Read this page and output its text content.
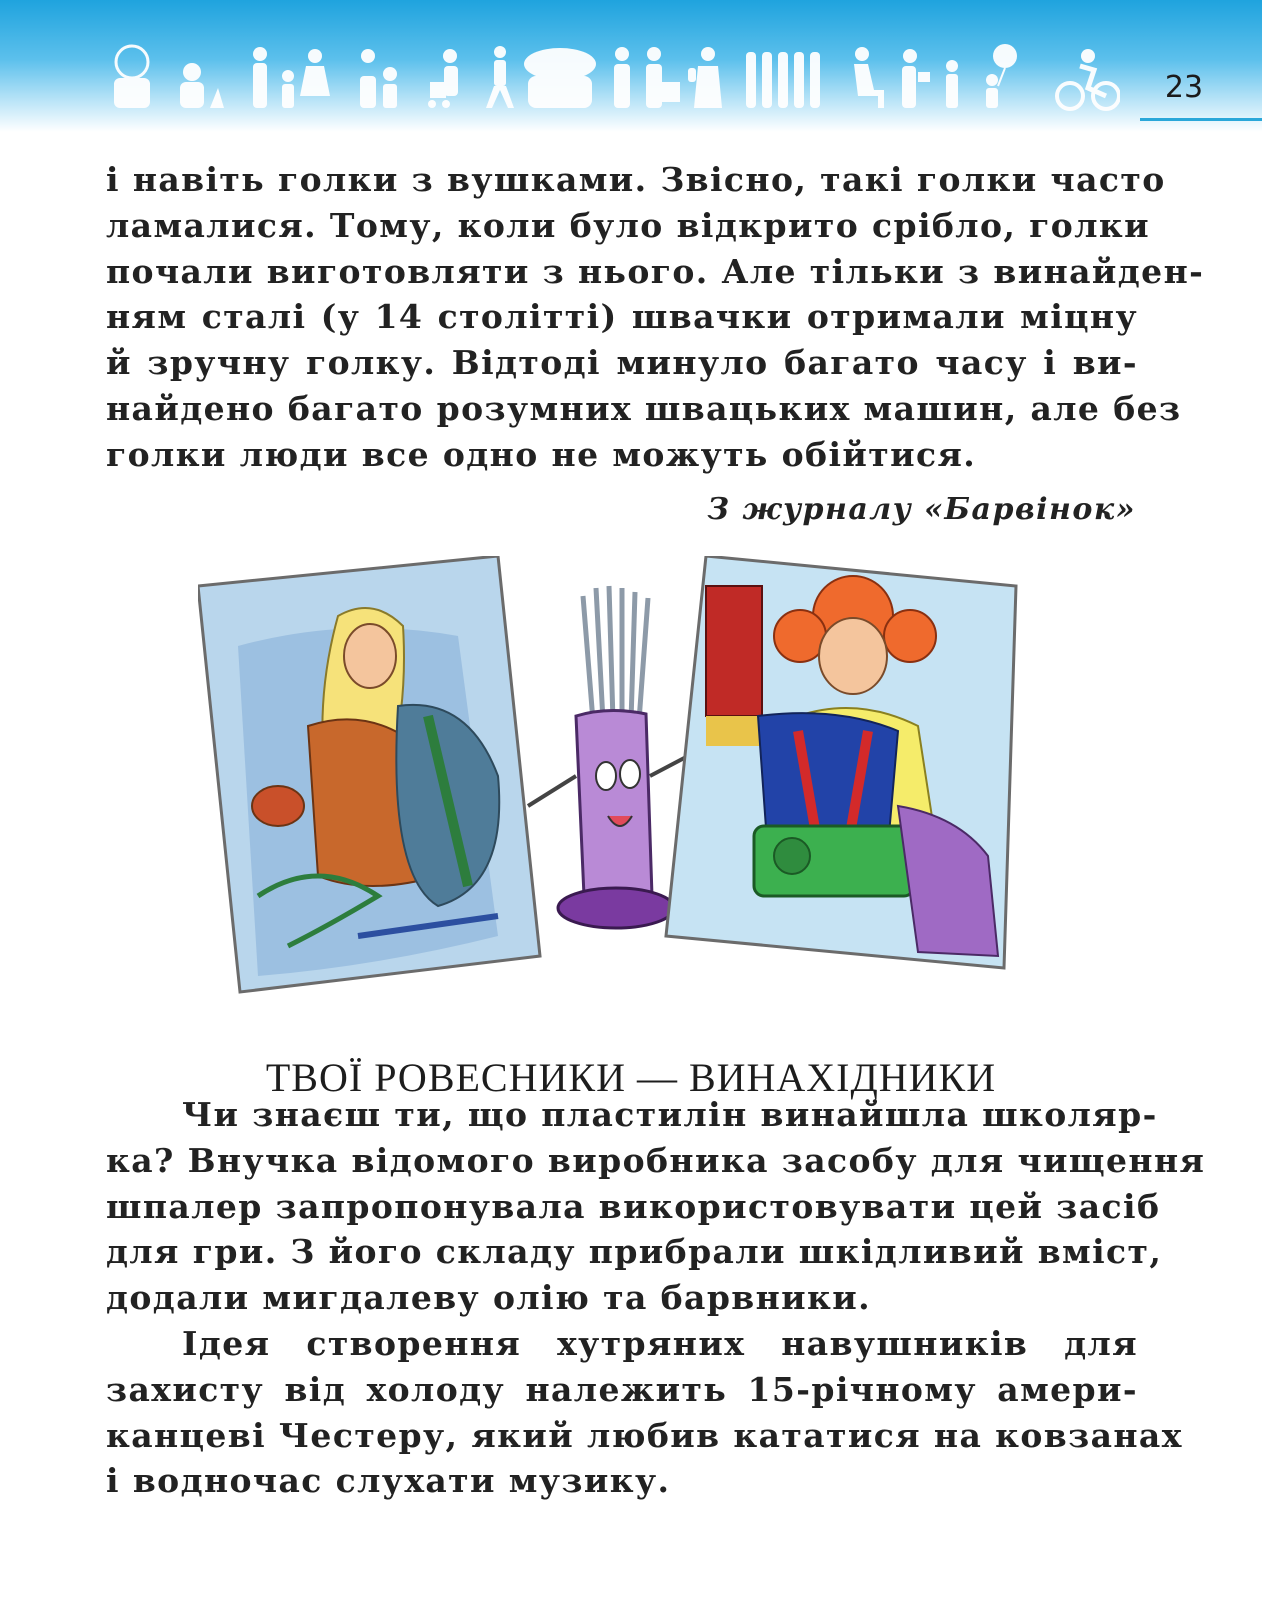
23
і навіть голки з вушками. Звісно, такі голки часто
ламалися. Тому, коли було відкрито срібло, голки
почали виготовляти з нього. Але тільки з винайден-
ням сталі (у 14 столітті) швачки отримали міцну
й зручну голку. Відтоді минуло багато часу і ви-
найдено багато розумних швацьких машин, але без
голки люди все одно не можуть обійтися.
З журналу «Барвінок»
ТВОЇ РОВЕСНИКИ — ВИНАХІДНИКИ
Чи знаєш ти, що пластилін винайшла школяр-
ка? Внучка відомого виробника засобу для чищення
шпалер запропонувала використовувати цей засіб
для гри. З його складу прибрали шкідливий вміст,
додали мигдалеву олію та барвники.
Ідея створення хутряних навушників для
захисту від холоду належить 15-річному амери-
канцеві Честеру, який любив кататися на ковзанах
і водночас слухати музику.
